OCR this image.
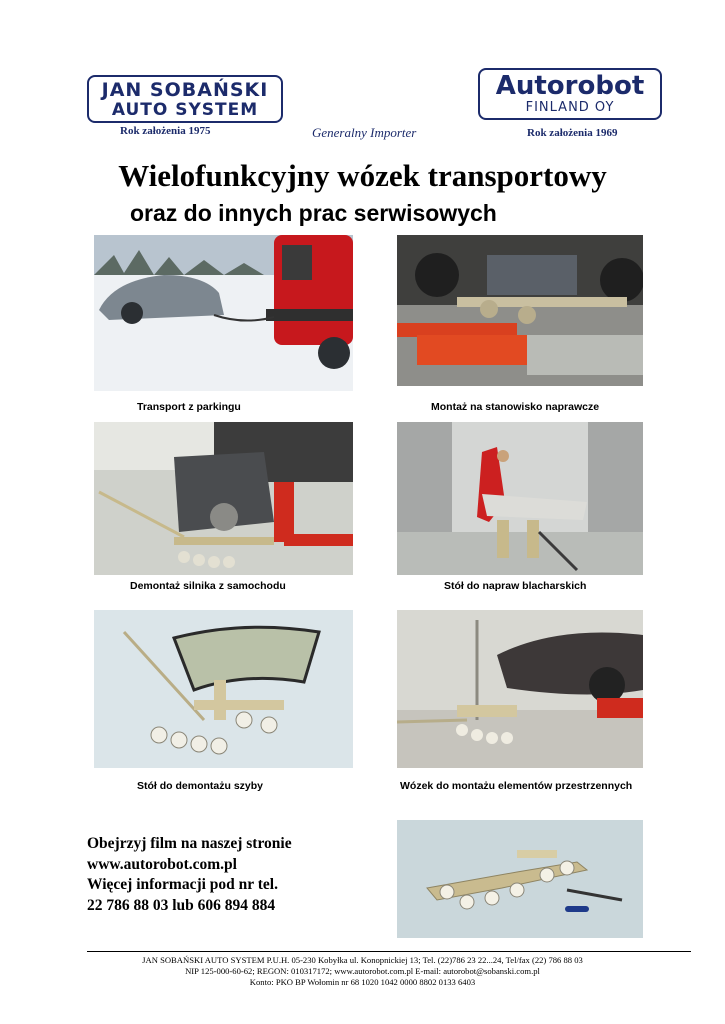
JAN SOBAŃSKI
AUTO SYSTEM
Rok założenia 1975	Generalny Importer
Autorobot
FINLAND OY
Rok założenia 1969
Wielofunkcyjny wózek transportowy
oraz do innych prac serwisowych
Transport z parkingu	Montaż na stanowisko naprawcze
Demontaż silnika z samochodu	Stół do napraw blacharskich
Stół do demontażu szyby	Wózek do montażu elementów przestrzennych
Obejrzyj film na naszej stronie
www.autorobot.com.pl
Więcej informacji pod nr tel.
22 786 88 03 lub 606 894 884
JAN SOBAŃSKI AUTO SYSTEM P.U.H. 05-230 Kobyłka ul. Konopnickiej 13; Tel. (22)786 23 22...24, Tel/fax (22) 786 88 03
NIP 125-000-60-62; REGON: 010317172; www.autorobot.com.pl E-mail: autorobot@sobanski.com.pl
Konto: PKO BP Wołomin nr 68 1020 1042 0000 8802 0133 6403
